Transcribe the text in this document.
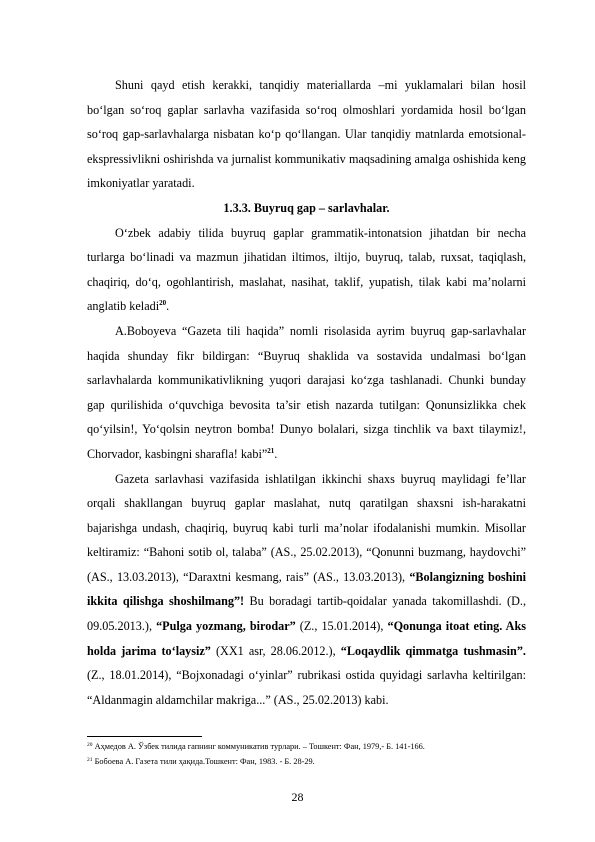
Shuni qayd etish kerakki, tanqidiy materiallarda –mi yuklamalari bilan hosil bo‘lgan so‘roq gaplar sarlavha vazifasida so‘roq olmoshlari yordamida hosil bo‘lgan so‘roq gap-sarlavhalarga nisbatan ko‘p qo‘llangan. Ular tanqidiy matnlarda emotsional-ekspressivlikni oshirishda va jurnalist kommunikativ maqsadining amalga oshishida keng imkoniyatlar yaratadi.

1.3.3. Buyruq gap – sarlavhalar.

O‘zbek adabiy tilida buyruq gaplar grammatik-intonatsion jihatdan bir necha turlarga bo‘linadi va mazmun jihatidan iltimos, iltijo, buyruq, talab, ruxsat, taqiqlash, chaqiriq, do‘q, ogohlantirish, maslahat, nasihat, taklif, yupatish, tilak kabi ma’nolarni anglatib keladi$^{20}$.

A.Boboyeva “Gazeta tili haqida” nomli risolasida ayrim buyruq gap-sarlavhalar haqida shunday fikr bildirgan: “Buyruq shaklida va sostavida undalmasi bo‘lgan sarlavhalarda kommunikativlikning yuqori darajasi ko‘zga tashlanadi. Chunki bunday gap qurilishida o‘quvchiga bevosita ta’sir etish nazarda tutilgan: Qonunsizlikka chek qo‘yilsin!, Yo‘qolsin neytron bomba! Dunyo bolalari, sizga tinchlik va baxt tilaymiz!, Chorvador, kasbingni sharafla! kabi”$^{21}$.

Gazeta sarlavhasi vazifasida ishlatilgan ikkinchi shaxs buyruq maylidagi fe’llar orqali shakllangan buyruq gaplar maslahat, nutq qaratilgan shaxsni ish-harakatni bajarishga undash, chaqiriq, buyruq kabi turli ma’nolar ifodalanishi mumkin. Misollar keltiramiz: “Bahoni sotib ol, talaba” (AS., 25.02.2013), “Qonunni buzmang, haydovchi” (AS., 13.03.2013), “Daraxtni kesmang, rais” (AS., 13.03.2013), “Bolangizning boshini ikkita qilishga shoshilmang”! Bu boradagi tartib-qoidalar yanada takomillashdi. (D., 09.05.2013.), “Pulga yozmang, birodar” (Z., 15.01.2014), “Qonunga itoat eting. Aks holda jarima to‘laysiz” (XX1 asr, 28.06.2012.), “Loqaydlik qimmatga tushmasin”. (Z., 18.01.2014), “Bojxonadagi o‘yinlar” rubrikasi ostida quyidagi sarlavha keltirilgan: “Aldanmagin aldamchilar makriga...” (AS., 25.02.2013) kabi.

$^{20}$ Аҳмедов А. Ўзбек тилида гапнинг коммуникатив турлари. – Тошкент: Фан, 1979,- Б. 141-166.
$^{21}$ Бобоева А. Газета тили ҳақида.Тошкент: Фан, 1983. - Б. 28-29.
28
